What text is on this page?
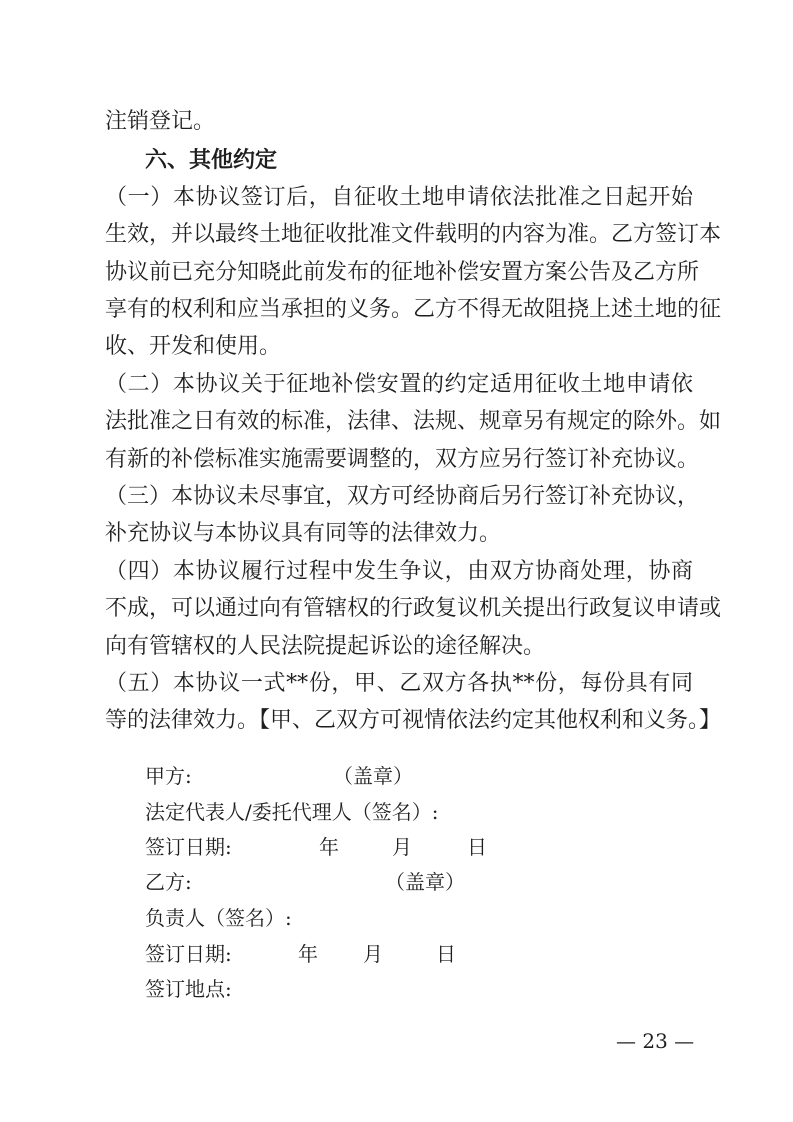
注销登记。
六、其他约定
（一）本协议签订后，自征收土地申请依法批准之日起开始
生效，并以最终土地征收批准文件载明的内容为准。乙方签订本
协议前已充分知晓此前发布的征地补偿安置方案公告及乙方所
享有的权利和应当承担的义务。乙方不得无故阻挠上述土地的征
收、开发和使用。
（二）本协议关于征地补偿安置的约定适用征收土地申请依
法批准之日有效的标准，法律、法规、规章另有规定的除外。如
有新的补偿标准实施需要调整的，双方应另行签订补充协议。
（三）本协议未尽事宜，双方可经协商后另行签订补充协议，
补充协议与本协议具有同等的法律效力。
（四）本协议履行过程中发生争议，由双方协商处理，协商
不成，可以通过向有管辖权的行政复议机关提出行政复议申请或
向有管辖权的人民法院提起诉讼的途径解决。
（五）本协议一式**份，甲、乙双方各执**份，每份具有同
等的法律效力。【甲、乙双方可视情依法约定其他权利和义务。】
甲方:	（盖章）
法定代表人/委托代理人（签名）:
签订日期:	年	月	日
乙方:	（盖章）
负责人（签名）:
签订日期:	年 月	日
签订地点:
— 23 —
